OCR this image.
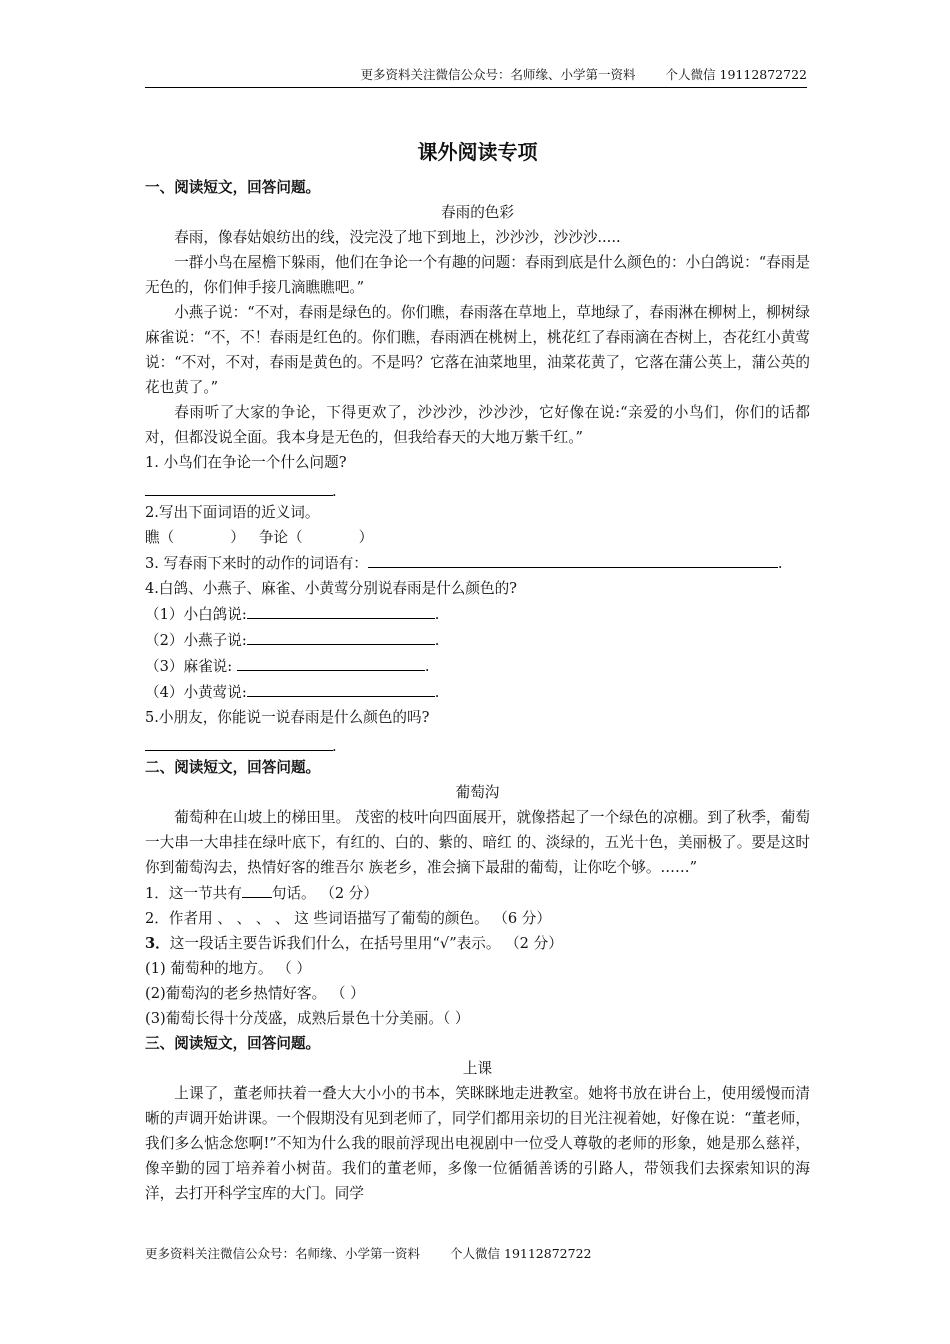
更多资料关注微信公众号：名师缘、小学第一资料 个人微信 19112872722
课外阅读专项

一、阅读短文，回答问题。

春雨的色彩

春雨，像春姑娘纺出的线，没完没了地下到地上，沙沙沙，沙沙沙.....

一群小鸟在屋檐下躲雨，他们在争论一个有趣的问题：春雨到底是什么颜色的：小白鸽说：“春雨是无色的，你们伸手接几滴瞧瞧吧。”

小燕子说：“不对，春雨是绿色的。你们瞧，春雨落在草地上，草地绿了，春雨淋在柳树上，柳树绿麻雀说：“不，不！春雨是红色的。你们瞧，春雨洒在桃树上，桃花红了春雨滴在杏树上，杏花红小黄莺说：“不对，不对，春雨是黄色的。不是吗？它落在油菜地里，油菜花黄了，它落在蒲公英上，蒲公英的花也黄了。”

春雨听了大家的争论，下得更欢了，沙沙沙，沙沙沙，它好像在说:“亲爱的小鸟们，你们的话都对，但都没说全面。我本身是无色的，但我给春天的大地万紫千红。”

1. 小鸟们在争论一个什么问题?

.

2.写出下面词语的近义词。

瞧（	） 争论（	）

3. 写春雨下来时的动作的词语有：	.

4.白鸽、小燕子、麻雀、小黄莺分别说春雨是什么颜色的?

（1）小白鸽说:	.

（2）小燕子说:	.

（3）麻雀说:	.

（4）小黄莺说:	.

5.小朋友，你能说一说春雨是什么颜色的吗?

.

二、阅读短文，回答问题。

葡萄沟

葡萄种在山坡上的梯田里。 茂密的枝叶向四面展开，就像搭起了一个绿色的凉棚。到了秋季，葡萄一大串一大串挂在绿叶底下，有红的、白的、紫的、暗红 的、淡绿的，五光十色，美丽极了。要是这时你到葡萄沟去，热情好客的维吾尔 族老乡，准会摘下最甜的葡萄，让你吃个够。……”

1．这一节共有 句话。 （2 分）

2．作者用 、 、 、 、 这 些词语描写了葡萄的颜色。 （6 分）

3．这一段话主要告诉我们什么，在括号里用“√”表示。 （2 分）

(1) 葡萄种的地方。 （ ）

(2)葡萄沟的老乡热情好客。 （ ）

(3)葡萄长得十分茂盛，成熟后景色十分美丽。（ ）

三、阅读短文，回答问题。

上课

上课了，董老师扶着一叠大大小小的书本，笑眯眯地走进教室。她将书放在讲台上，使用缓慢而清晰的声调开始讲课。一个假期没有见到老师了，同学们都用亲切的目光注视着她，好像在说：“董老师，我们多么惦念您啊!”不知为什么我的眼前浮现出电视剧中一位受人尊敬的老师的形象，她是那么慈祥，像辛勤的园丁培养着小树苗。我们的董老师，多像一位循循善诱的引路人，带领我们去探索知识的海洋，去打开科学宝库的大门。同学

更多资料关注微信公众号：名师缘、小学第一资料 个人微信 19112872722
